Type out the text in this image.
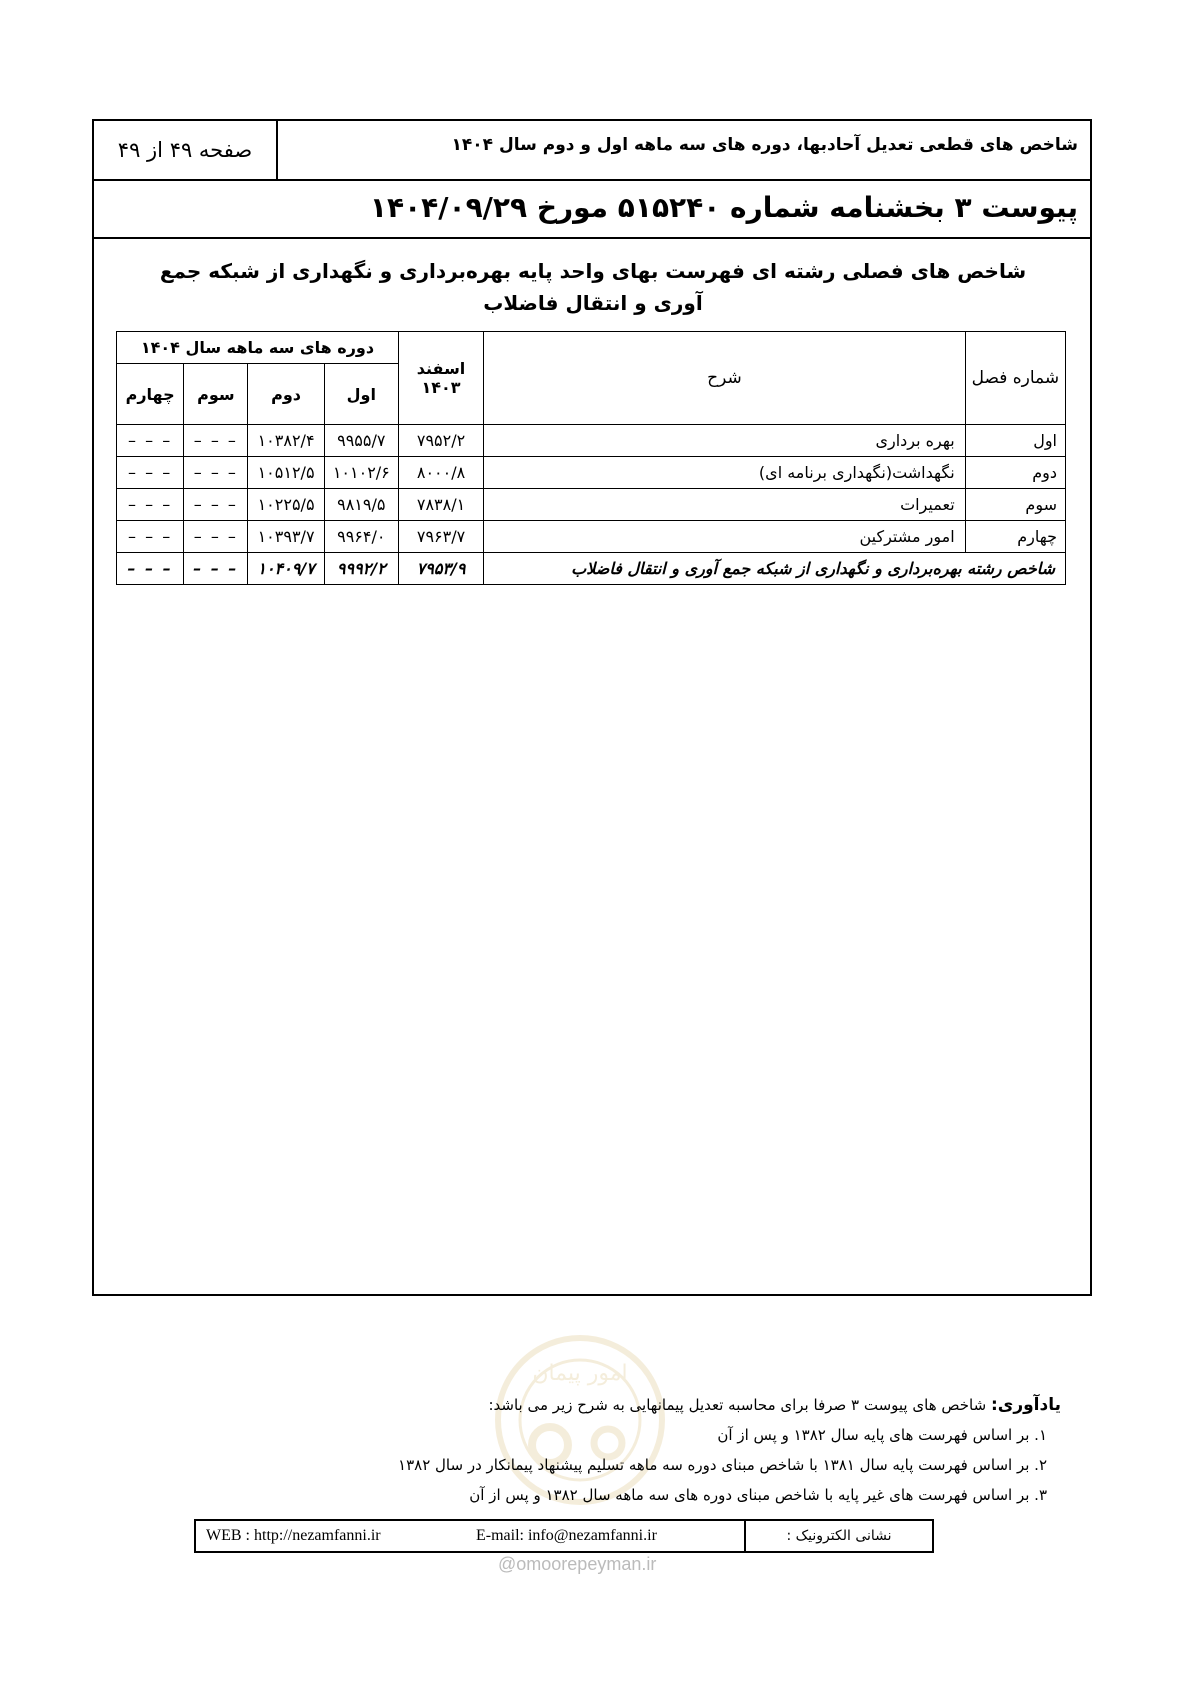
شاخص های قطعی تعدیل آحادبها، دوره های سه ماهه اول و دوم سال ۱۴۰۴
صفحه ۴۹ از ۴۹
پیوست ۳ بخشنامه شماره ۵۱۵۲۴۰ مورخ ۱۴۰۴/۰۹/۲۹
شاخص های فصلی رشته ای فهرست بهای واحد پایه بهره‌برداری و نگهداری از شبکه جمع آوری و انتقال فاضلاب
شماره فصل	شرح	اسفند ۱۴۰۳	دوره های سه ماهه سال ۱۴۰۴			
			اول	دوم	سوم	چهارم
اول	بهره برداری	۷۹۵۲/۲	۹۹۵۵/۷	۱۰۳۸۲/۴	– – –	– – –
دوم	نگهداشت(نگهداری برنامه ای)	۸۰۰۰/۸	۱۰۱۰۲/۶	۱۰۵۱۲/۵	– – –	– – –
سوم	تعمیرات	۷۸۳۸/۱	۹۸۱۹/۵	۱۰۲۲۵/۵	– – –	– – –
چهارم	امور مشترکین	۷۹۶۳/۷	۹۹۶۴/۰	۱۰۳۹۳/۷	– – –	– – –
شاخص رشته بهره‌برداری و نگهداری از شبکه جمع آوری و انتقال فاضلاب		۷۹۵۳/۹	۹۹۹۲/۲	۱۰۴۰۹/۷	– – –	– – –
امور پیمان
یادآوری: شاخص های پیوست ۳ صرفا برای محاسبه تعدیل پیمانهایی به شرح زیر می باشد:
۱. بر اساس فهرست های پایه سال ۱۳۸۲ و پس از آن
۲. بر اساس فهرست پایه سال ۱۳۸۱ با شاخص مبنای دوره سه ماهه تسلیم پیشنهاد پیمانکار در سال ۱۳۸۲
۳. بر اساس فهرست های غیر پایه با شاخص مبنای دوره های سه ماهه سال ۱۳۸۲ و پس از آن
نشانی الکترونیک :
WEB : http://nezamfanni.ir	E-mail: info@nezamfanni.ir
@omoorepeyman.ir
